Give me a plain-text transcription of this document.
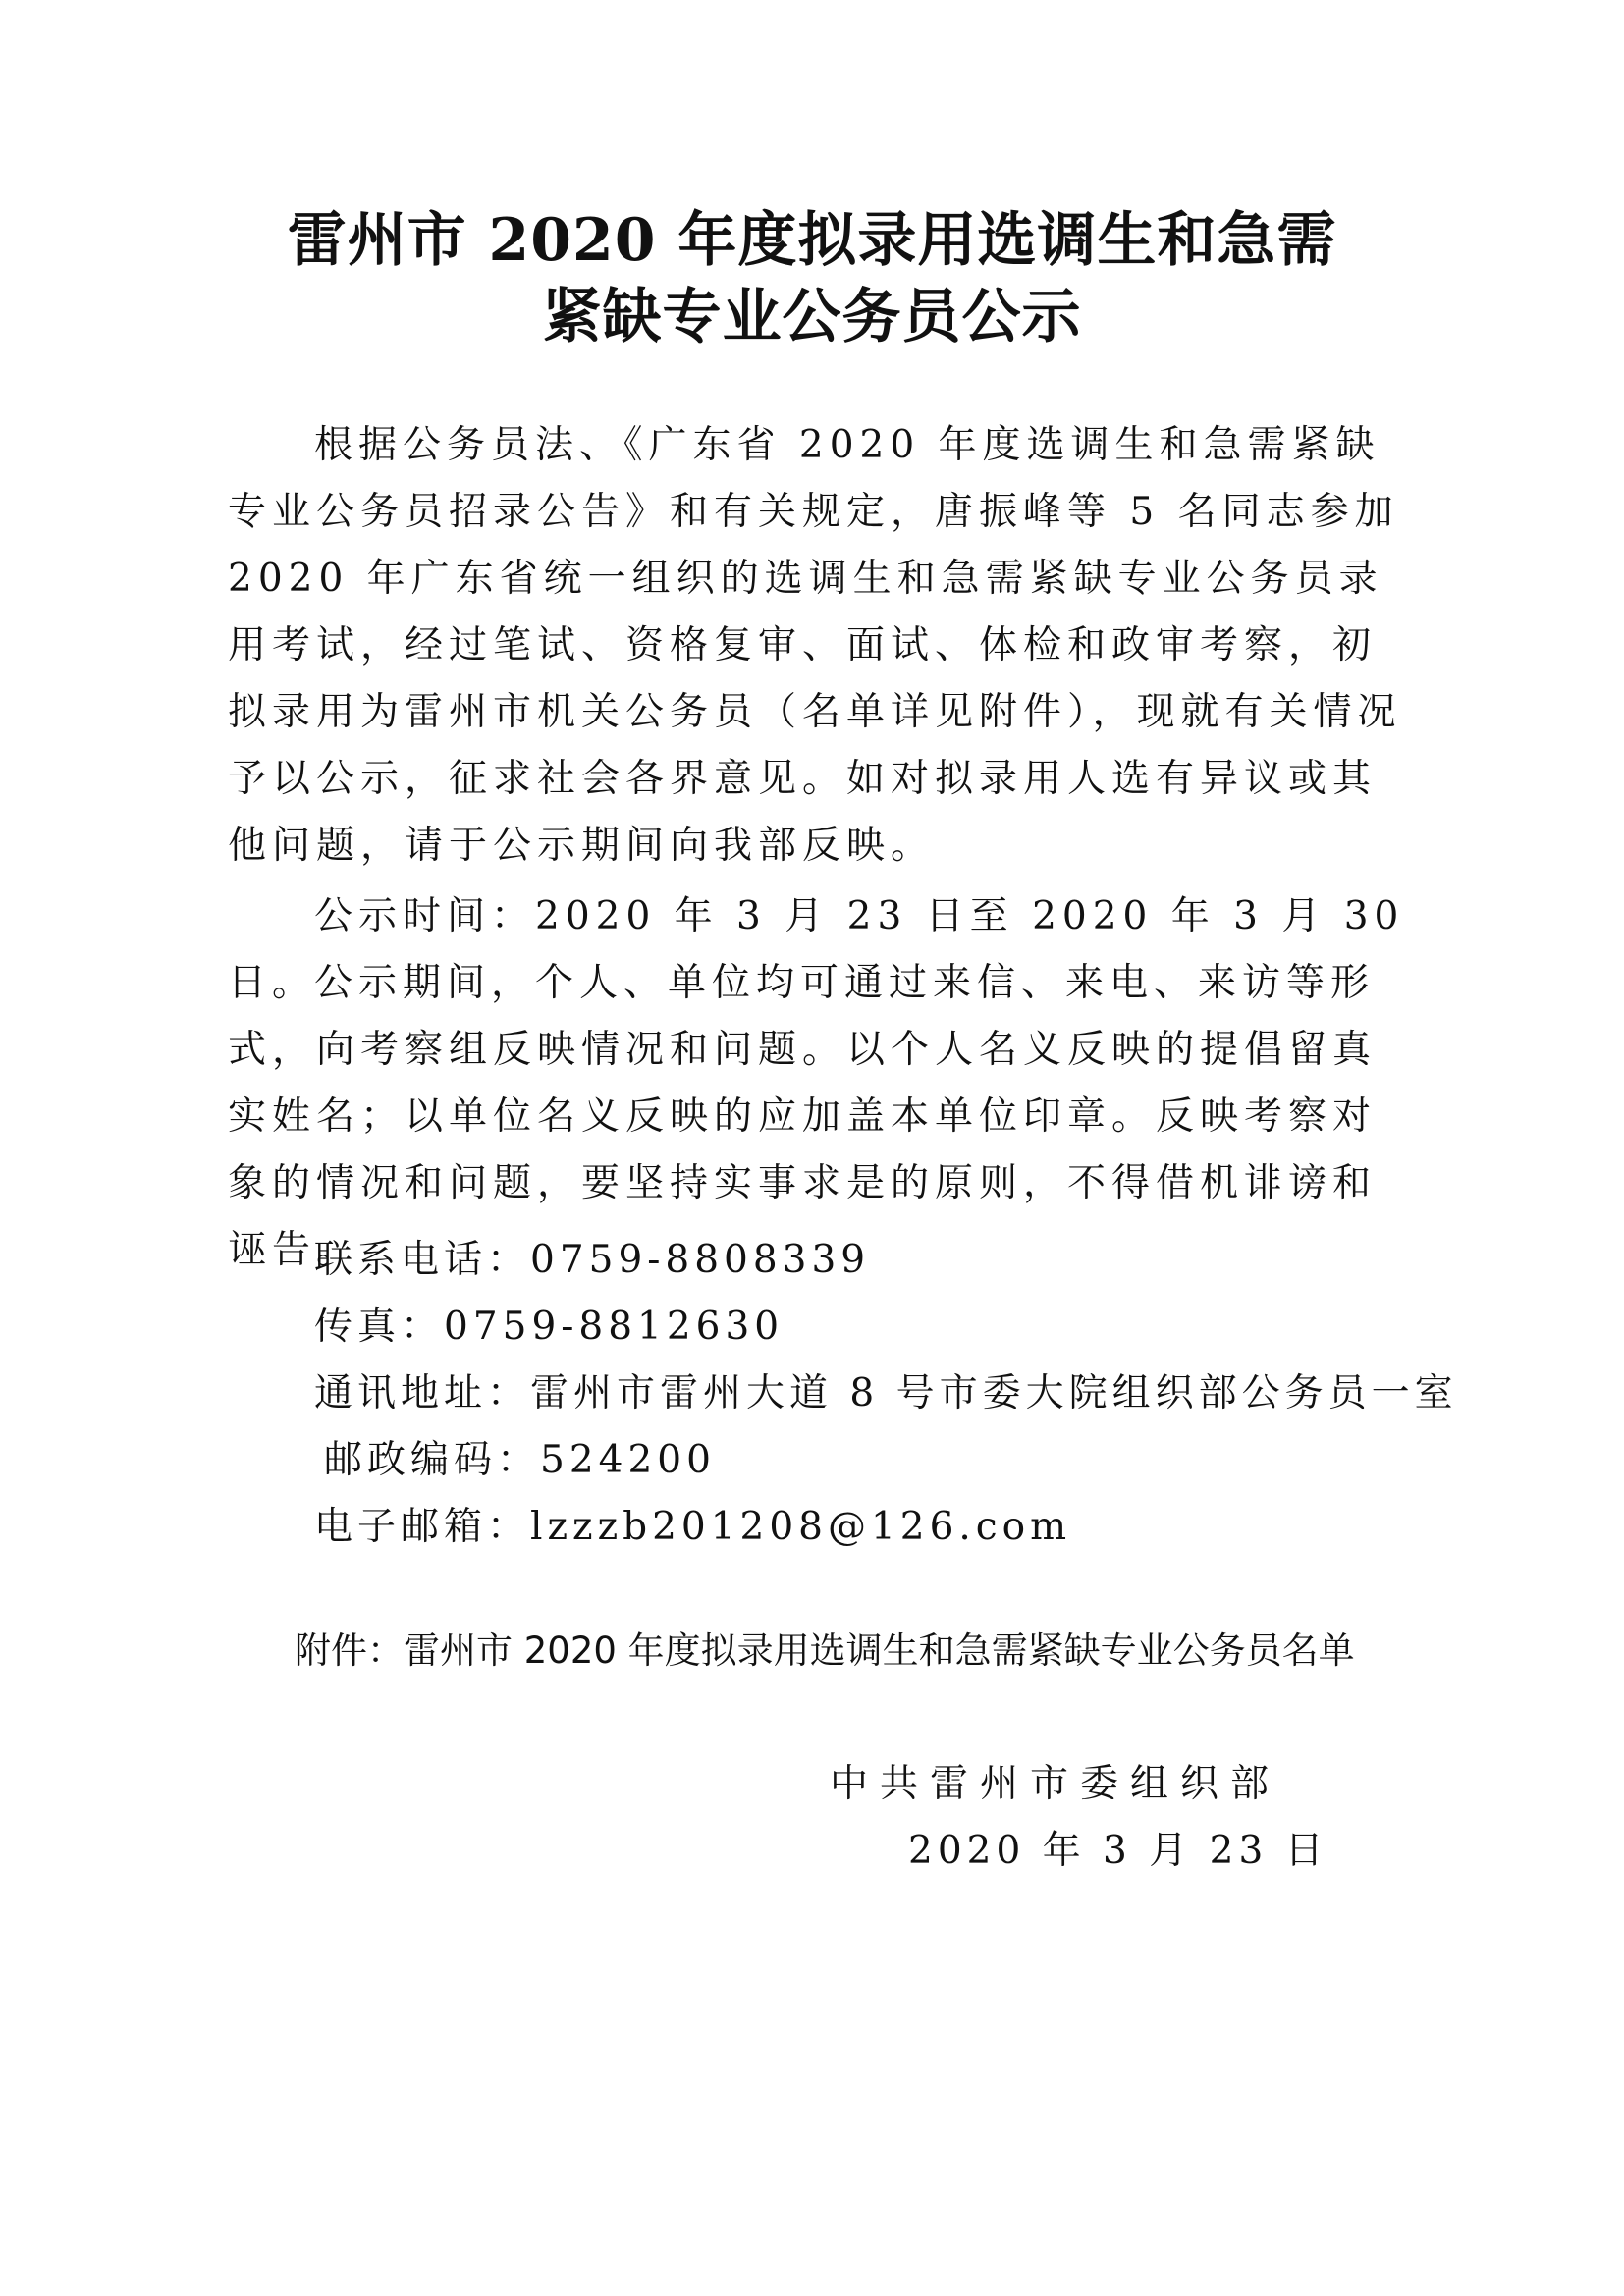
雷州市 2020 年度拟录用选调生和急需
紧缺专业公务员公示

根据公务员法、《广东省 2020 年度选调生和急需紧缺专业公务员招录公告》和有关规定，唐振峰等 5 名同志参加 2020 年广东省统一组织的选调生和急需紧缺专业公务员录用考试，经过笔试、资格复审、面试、体检和政审考察，初拟录用为雷州市机关公务员（名单详见附件），现就有关情况予以公示，征求社会各界意见。如对拟录用人选有异议或其他问题，请于公示期间向我部反映。

公示时间：2020 年 3 月 23 日至 2020 年 3 月 30 日。

公示期间，个人、单位均可通过来信、来电、来访等形式，向考察组反映情况和问题。以个人名义反映的提倡留真实姓名；以单位名义反映的应加盖本单位印章。反映考察对象的情况和问题，要坚持实事求是的原则，不得借机诽谤和诬告。

联系电话：0759-8808339

传真：0759-8812630

通讯地址：雷州市雷州大道 8 号市委大院组织部公务员一室

邮政编码：524200

电子邮箱：lzzzb201208@126.com

附件：雷州市 2020 年度拟录用选调生和急需紧缺专业公务员名单

中共雷州市委组织部

2020 年 3 月 23 日
